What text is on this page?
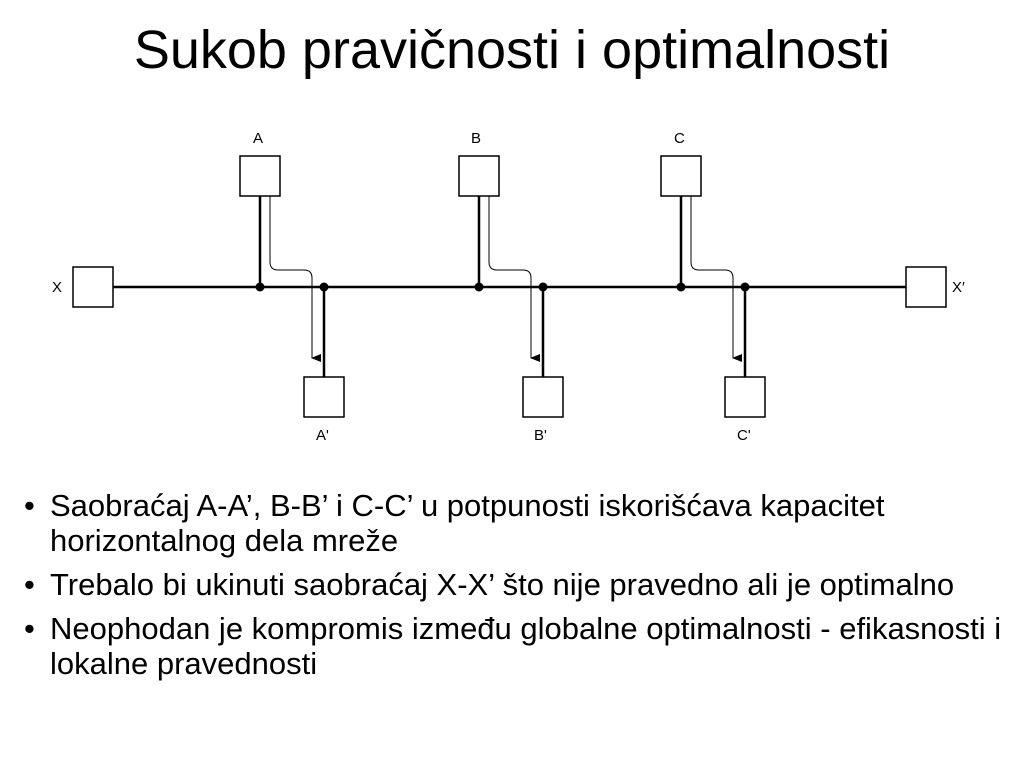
Sukob pravičnosti i optimalnosti
X	X′
A
A'
B
B'
C
C'
• Saobraćaj A-A’, B-B’ i C-C’ u potpunosti iskorišćava kapacitet horizontalnog dela mreže
• Trebalo bi ukinuti saobraćaj X-X’ što nije pravedno ali je optimalno
• Neophodan je kompromis između globalne optimalnosti - efikasnosti i lokalne pravednosti
